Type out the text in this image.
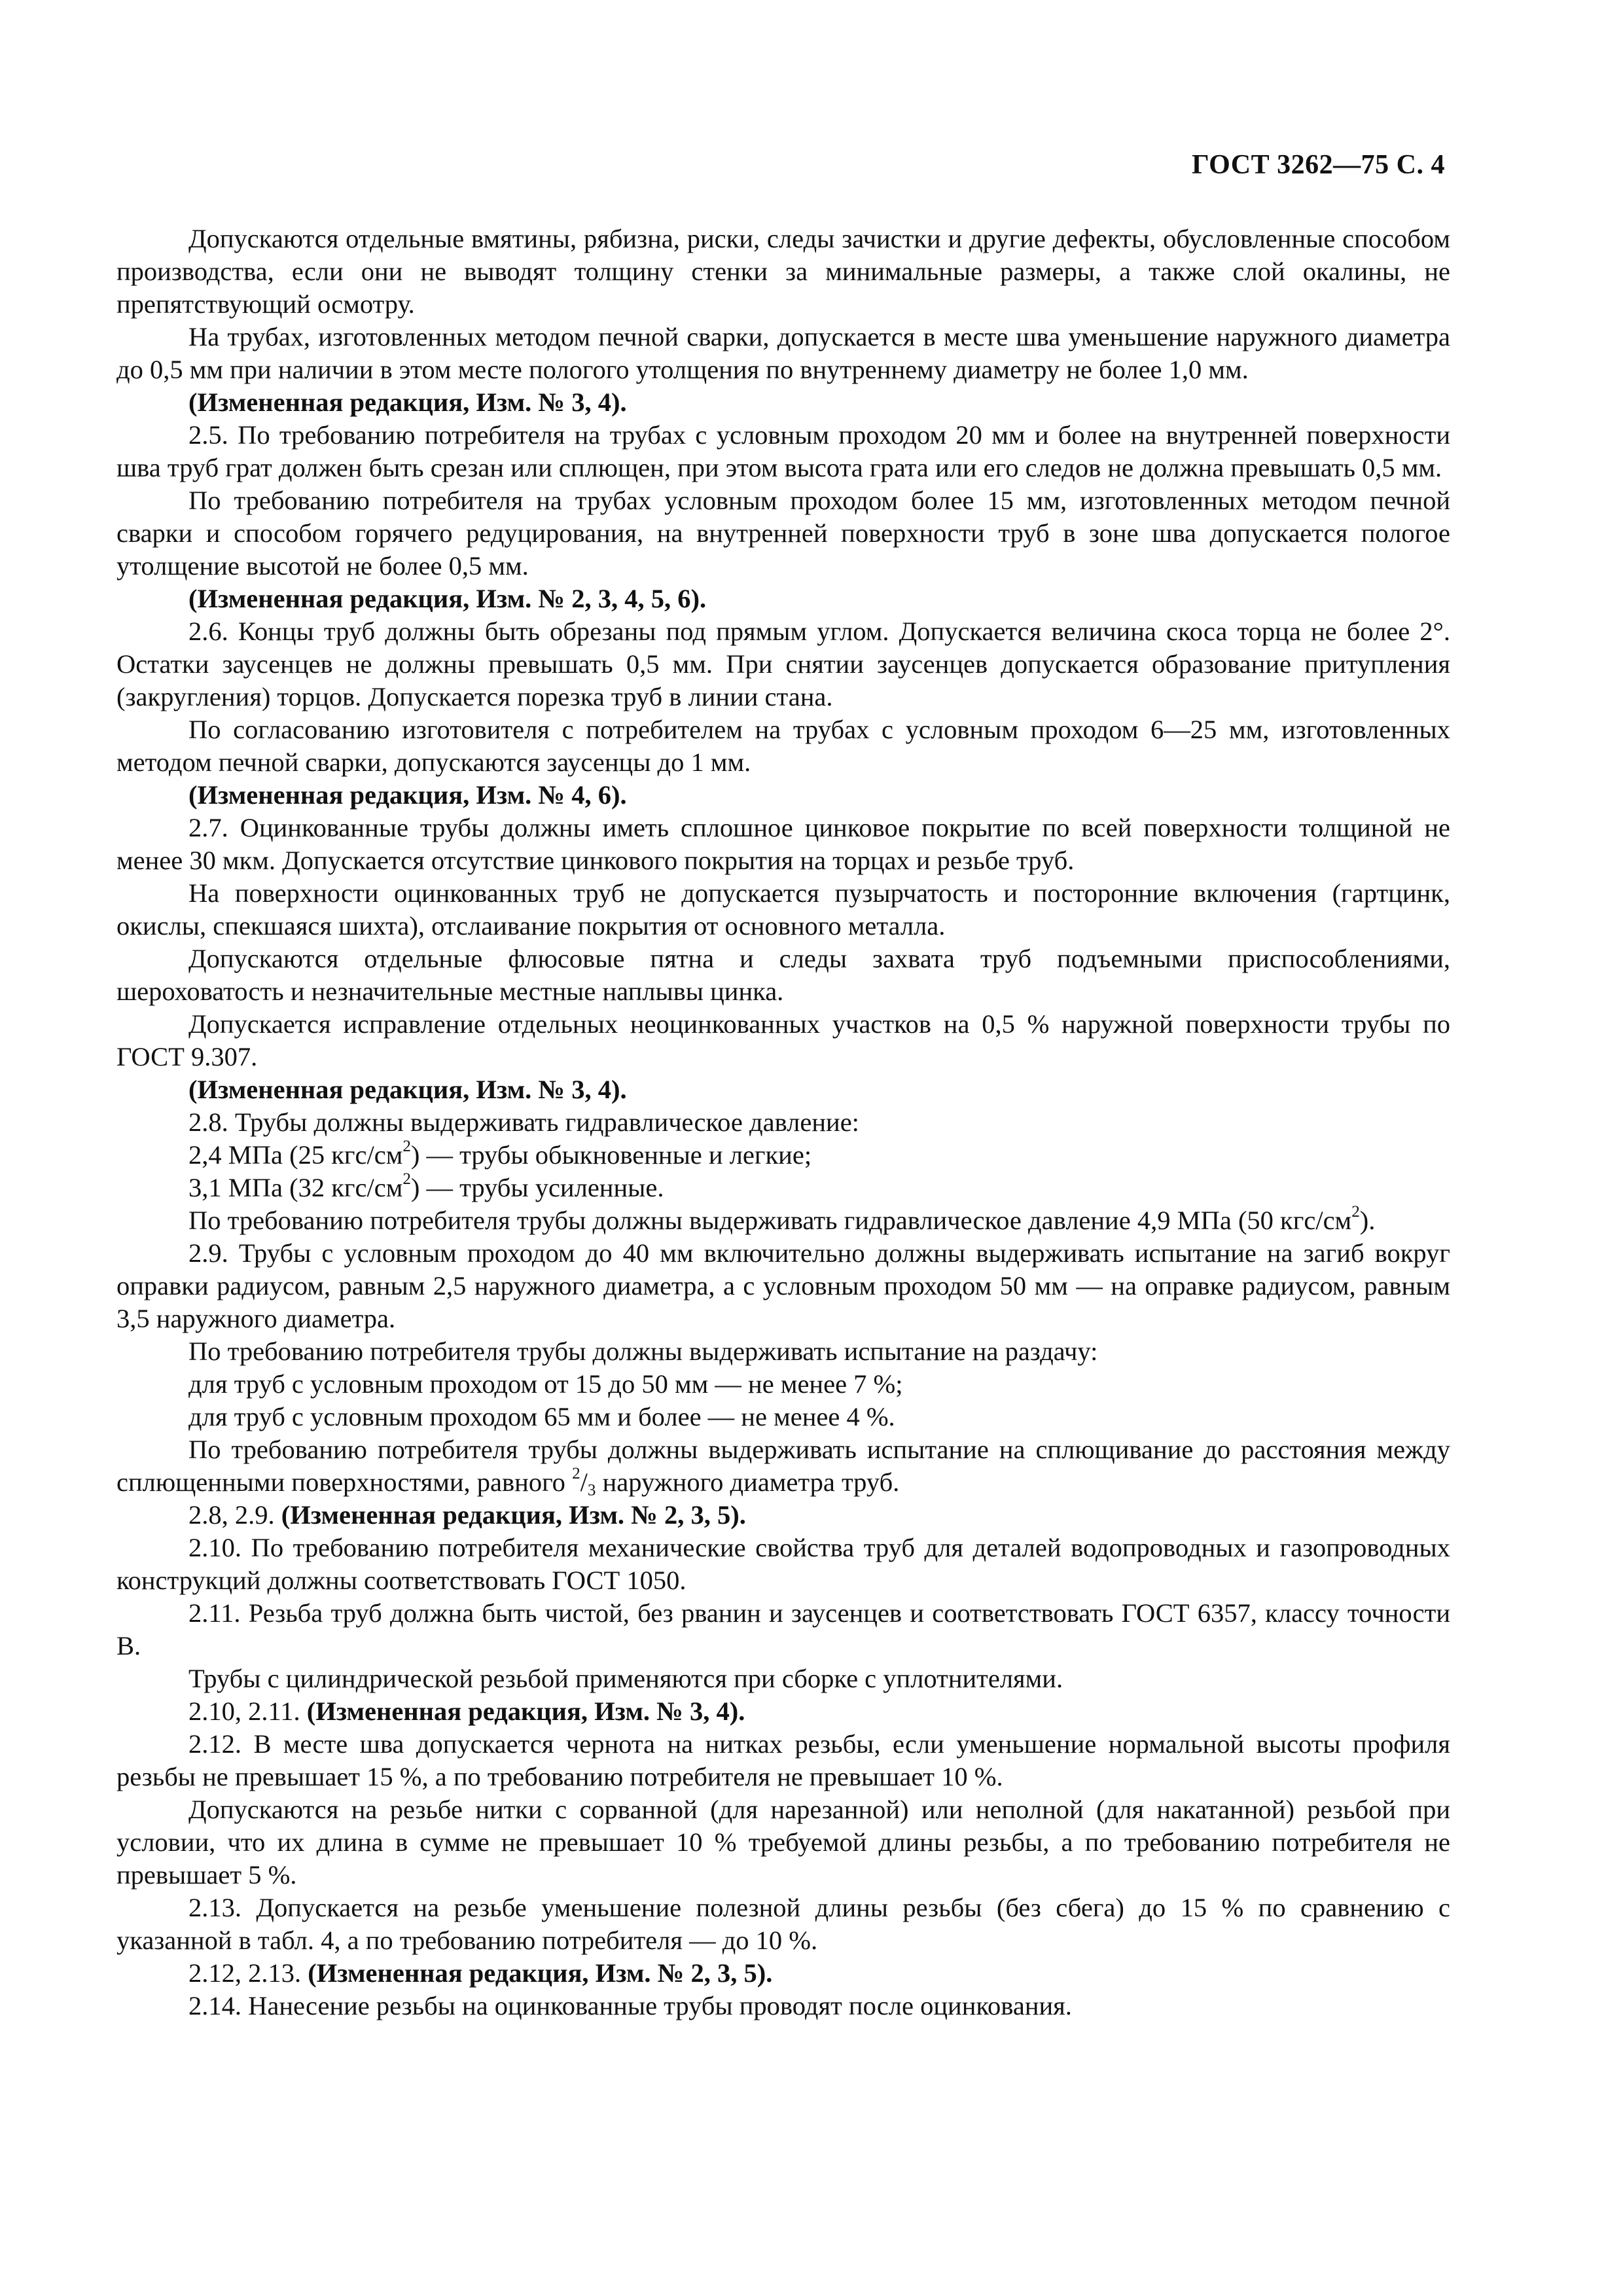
ГОСТ 3262—75 С. 4

Допускаются отдельные вмятины, рябизна, риски, следы зачистки и другие дефекты, обусловленные способом производства, если они не выводят толщину стенки за минимальные размеры, а также слой окалины, не препятствующий осмотру.

На трубах, изготовленных методом печной сварки, допускается в месте шва уменьшение наружного диаметра до 0,5 мм при наличии в этом месте пологого утолщения по внутреннему диаметру не более 1,0 мм.

(Измененная редакция, Изм. № 3, 4).

2.5. По требованию потребителя на трубах с условным проходом 20 мм и более на внутренней поверхности шва труб грат должен быть срезан или сплющен, при этом высота грата или его следов не должна превышать 0,5 мм.

По требованию потребителя на трубах условным проходом более 15 мм, изготовленных методом печной сварки и способом горячего редуцирования, на внутренней поверхности труб в зоне шва допускается пологое утолщение высотой не более 0,5 мм.

(Измененная редакция, Изм. № 2, 3, 4, 5, 6).

2.6. Концы труб должны быть обрезаны под прямым углом. Допускается величина скоса торца не более 2°. Остатки заусенцев не должны превышать 0,5 мм. При снятии заусенцев допускается образование притупления (закругления) торцов. Допускается порезка труб в линии стана.

По согласованию изготовителя с потребителем на трубах с условным проходом 6—25 мм, изготовленных методом печной сварки, допускаются заусенцы до 1 мм.

(Измененная редакция, Изм. № 4, 6).

2.7. Оцинкованные трубы должны иметь сплошное цинковое покрытие по всей поверхности толщиной не менее 30 мкм. Допускается отсутствие цинкового покрытия на торцах и резьбе труб.

На поверхности оцинкованных труб не допускается пузырчатость и посторонние включения (гартцинк, окислы, спекшаяся шихта), отслаивание покрытия от основного металла.

Допускаются отдельные флюсовые пятна и следы захвата труб подъемными приспособлениями, шероховатость и незначительные местные наплывы цинка.

Допускается исправление отдельных неоцинкованных участков на 0,5 % наружной поверхности трубы по ГОСТ 9.307.

(Измененная редакция, Изм. № 3, 4).

2.8. Трубы должны выдерживать гидравлическое давление:

2,4 МПа (25 кгс/$см^2$) — трубы обыкновенные и легкие;

3,1 МПа (32 кгс/$см^2$) — трубы усиленные.

По требованию потребителя трубы должны выдерживать гидравлическое давление 4,9 МПа (50 кгс/$см^2$).

2.9. Трубы с условным проходом до 40 мм включительно должны выдерживать испытание на загиб вокруг оправки радиусом, равным 2,5 наружного диаметра, а с условным проходом 50 мм — на оправке радиусом, равным 3,5 наружного диаметра.

По требованию потребителя трубы должны выдерживать испытание на раздачу:

для труб с условным проходом от 15 до 50 мм — не менее 7 %;

для труб с условным проходом 65 мм и более — не менее 4 %.

По требованию потребителя трубы должны выдерживать испытание на сплющивание до расстояния между сплющенными поверхностями, равного $^2/_3$ наружного диаметра труб.

2.8, 2.9. (Измененная редакция, Изм. № 2, 3, 5).

2.10. По требованию потребителя механические свойства труб для деталей водопроводных и газопроводных конструкций должны соответствовать ГОСТ 1050.

2.11. Резьба труб должна быть чистой, без рванин и заусенцев и соответствовать ГОСТ 6357, классу точности В.

Трубы с цилиндрической резьбой применяются при сборке с уплотнителями.

2.10, 2.11. (Измененная редакция, Изм. № 3, 4).

2.12. В месте шва допускается чернота на нитках резьбы, если уменьшение нормальной высоты профиля резьбы не превышает 15 %, а по требованию потребителя не превышает 10 %.

Допускаются на резьбе нитки с сорванной (для нарезанной) или неполной (для накатанной) резьбой при условии, что их длина в сумме не превышает 10 % требуемой длины резьбы, а по требованию потребителя не превышает 5 %.

2.13. Допускается на резьбе уменьшение полезной длины резьбы (без сбега) до 15 % по сравнению с указанной в табл. 4, а по требованию потребителя — до 10 %.

2.12, 2.13. (Измененная редакция, Изм. № 2, 3, 5).

2.14. Нанесение резьбы на оцинкованные трубы проводят после оцинкования.
